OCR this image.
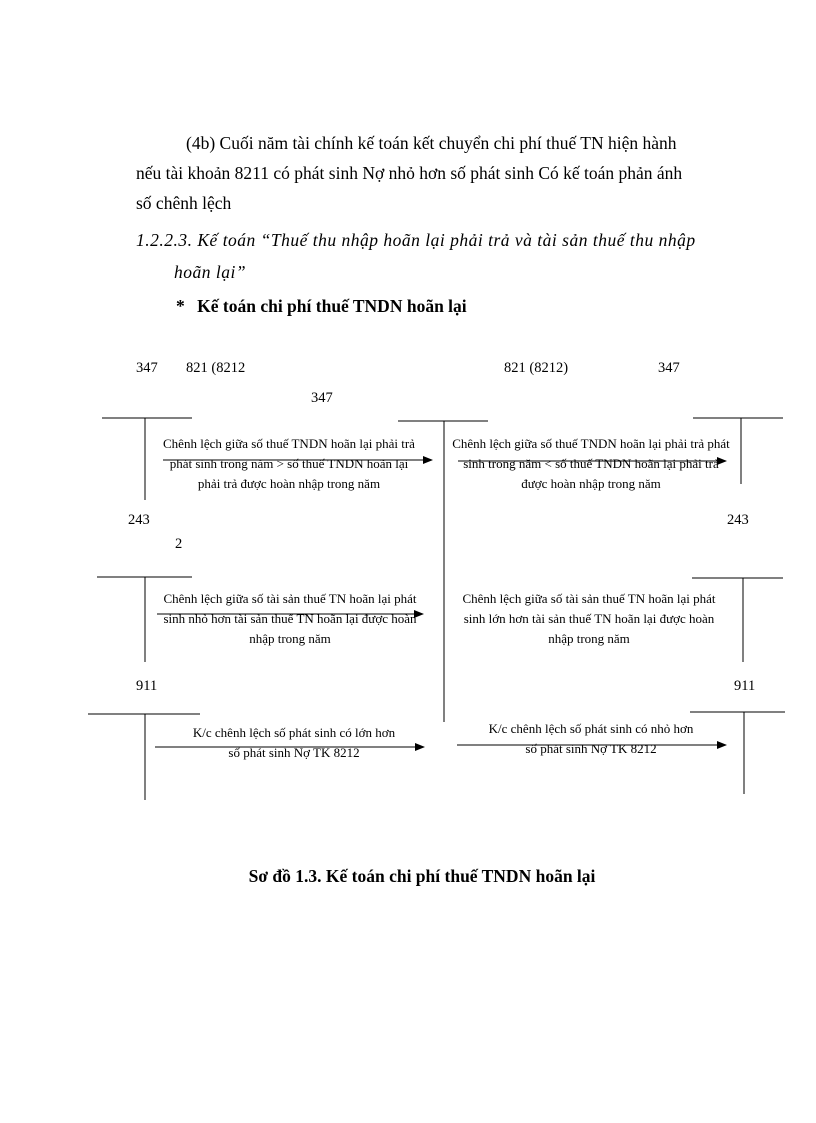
(4b) Cuối năm tài chính kế toán kết chuyển chi phí thuế TN hiện hành
nếu tài khoản 8211 có phát sinh Nợ nhỏ hơn số phát sinh Có kế toán phản ánh
số chênh lệch
1.2.2.3. Kế toán “Thuế thu nhập hoãn lại phải trả và tài sản thuế thu nhập
hoãn lại”
* Kế toán chi phí thuế TNDN hoãn lại
347 821 (8212
347
821 (8212)	347
243
2
911
243
911
Chênh lệch giữa số thuế TNDN hoãn lại phải trả phát sinh trong năm > số thuế TNDN hoãn lại phải trả được hoàn nhập trong năm
Chênh lệch giữa số thuế TNDN hoãn lại phải trả phát sinh trong năm < số thuế TNDN hoãn lại phải trả được hoàn nhập trong năm
Chênh lệch giữa số tài sản thuế TN hoãn lại phát sinh nhỏ hơn tài sản thuế TN hoãn lại được hoàn nhập trong năm
Chênh lệch giữa số tài sản thuế TN hoãn lại phát sinh lớn hơn tài sản thuế TN hoãn lại được hoàn nhập trong năm
K/c chênh lệch số phát sinh có lớn hơn số phát sinh Nợ TK 8212
K/c chênh lệch số phát sinh có nhỏ hơn số phát sinh Nợ TK 8212
Sơ đồ 1.3. Kế toán chi phí thuế TNDN hoãn lại
